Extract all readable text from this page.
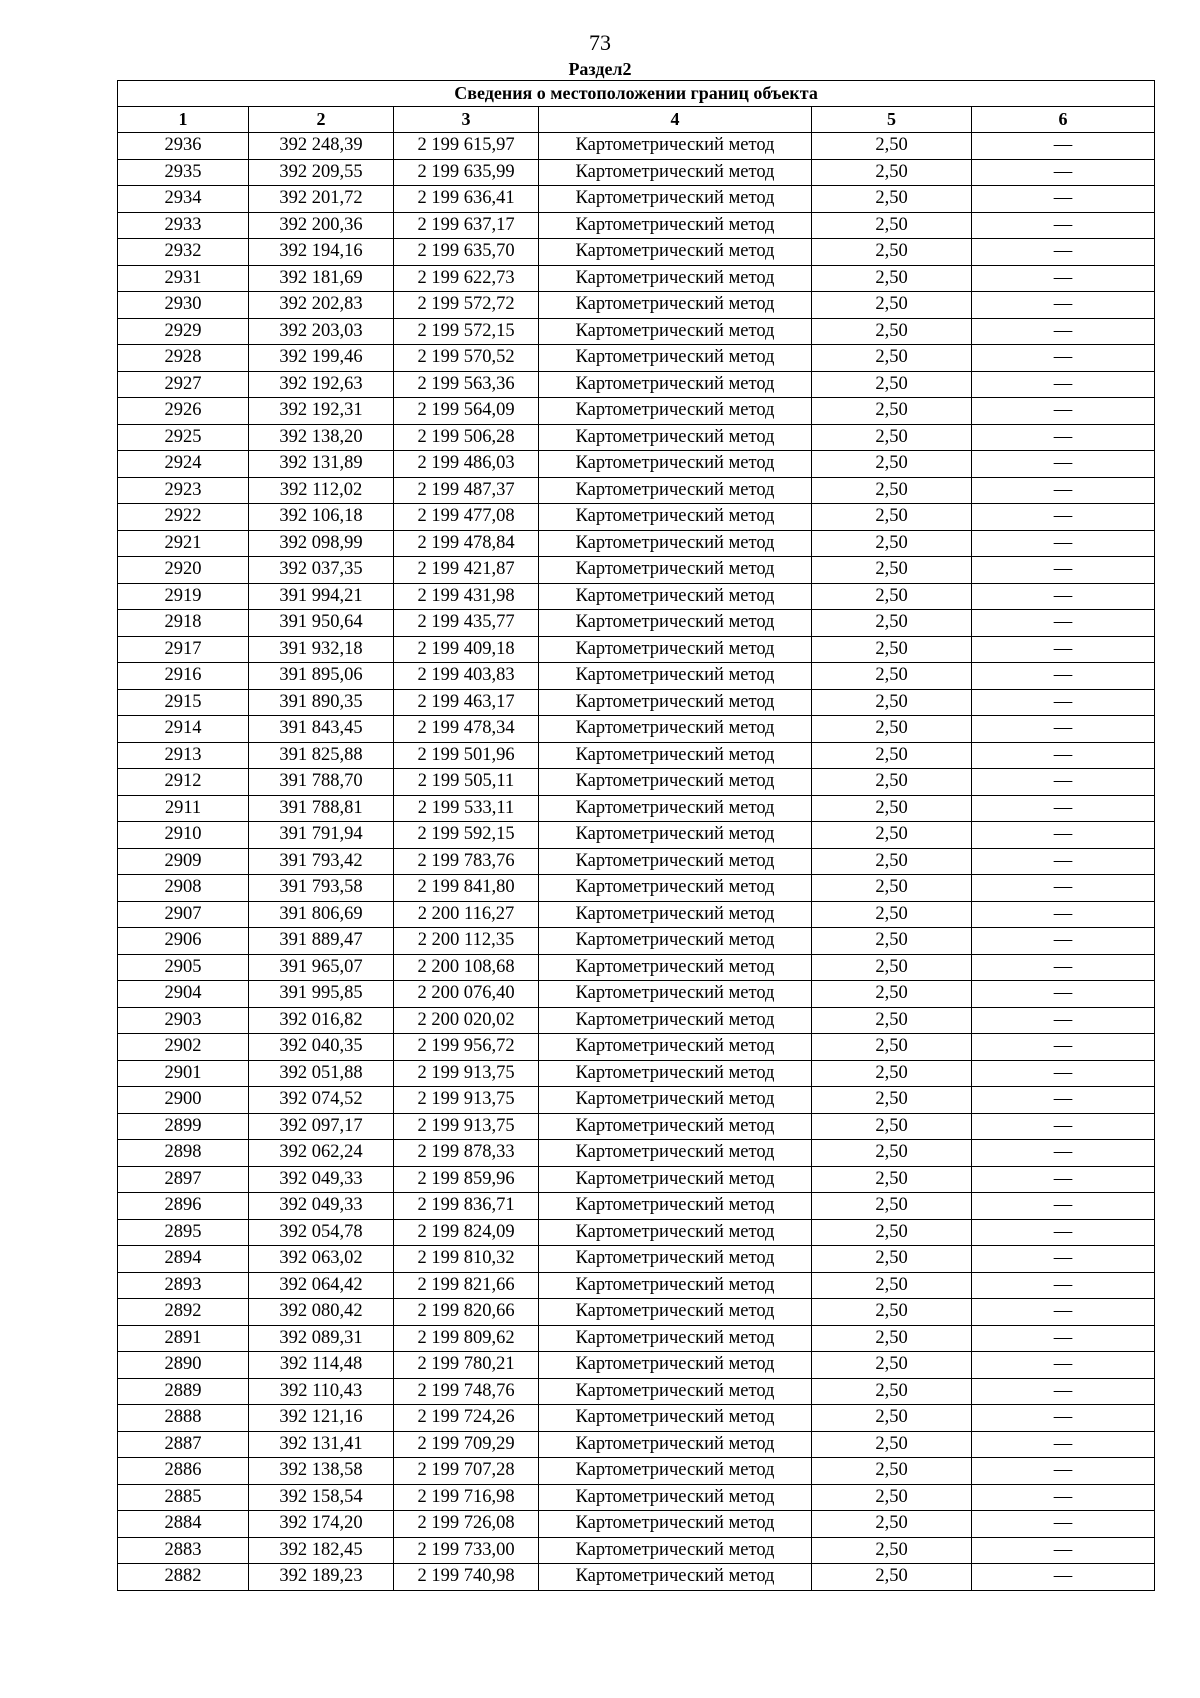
73
Раздел2
Сведения о местоположении границ объекта					
1	2	3	4	5	6
2936	392 248,39	2 199 615,97	Картометрический метод	2,50	—
2935	392 209,55	2 199 635,99	Картометрический метод	2,50	—
2934	392 201,72	2 199 636,41	Картометрический метод	2,50	—
2933	392 200,36	2 199 637,17	Картометрический метод	2,50	—
2932	392 194,16	2 199 635,70	Картометрический метод	2,50	—
2931	392 181,69	2 199 622,73	Картометрический метод	2,50	—
2930	392 202,83	2 199 572,72	Картометрический метод	2,50	—
2929	392 203,03	2 199 572,15	Картометрический метод	2,50	—
2928	392 199,46	2 199 570,52	Картометрический метод	2,50	—
2927	392 192,63	2 199 563,36	Картометрический метод	2,50	—
2926	392 192,31	2 199 564,09	Картометрический метод	2,50	—
2925	392 138,20	2 199 506,28	Картометрический метод	2,50	—
2924	392 131,89	2 199 486,03	Картометрический метод	2,50	—
2923	392 112,02	2 199 487,37	Картометрический метод	2,50	—
2922	392 106,18	2 199 477,08	Картометрический метод	2,50	—
2921	392 098,99	2 199 478,84	Картометрический метод	2,50	—
2920	392 037,35	2 199 421,87	Картометрический метод	2,50	—
2919	391 994,21	2 199 431,98	Картометрический метод	2,50	—
2918	391 950,64	2 199 435,77	Картометрический метод	2,50	—
2917	391 932,18	2 199 409,18	Картометрический метод	2,50	—
2916	391 895,06	2 199 403,83	Картометрический метод	2,50	—
2915	391 890,35	2 199 463,17	Картометрический метод	2,50	—
2914	391 843,45	2 199 478,34	Картометрический метод	2,50	—
2913	391 825,88	2 199 501,96	Картометрический метод	2,50	—
2912	391 788,70	2 199 505,11	Картометрический метод	2,50	—
2911	391 788,81	2 199 533,11	Картометрический метод	2,50	—
2910	391 791,94	2 199 592,15	Картометрический метод	2,50	—
2909	391 793,42	2 199 783,76	Картометрический метод	2,50	—
2908	391 793,58	2 199 841,80	Картометрический метод	2,50	—
2907	391 806,69	2 200 116,27	Картометрический метод	2,50	—
2906	391 889,47	2 200 112,35	Картометрический метод	2,50	—
2905	391 965,07	2 200 108,68	Картометрический метод	2,50	—
2904	391 995,85	2 200 076,40	Картометрический метод	2,50	—
2903	392 016,82	2 200 020,02	Картометрический метод	2,50	—
2902	392 040,35	2 199 956,72	Картометрический метод	2,50	—
2901	392 051,88	2 199 913,75	Картометрический метод	2,50	—
2900	392 074,52	2 199 913,75	Картометрический метод	2,50	—
2899	392 097,17	2 199 913,75	Картометрический метод	2,50	—
2898	392 062,24	2 199 878,33	Картометрический метод	2,50	—
2897	392 049,33	2 199 859,96	Картометрический метод	2,50	—
2896	392 049,33	2 199 836,71	Картометрический метод	2,50	—
2895	392 054,78	2 199 824,09	Картометрический метод	2,50	—
2894	392 063,02	2 199 810,32	Картометрический метод	2,50	—
2893	392 064,42	2 199 821,66	Картометрический метод	2,50	—
2892	392 080,42	2 199 820,66	Картометрический метод	2,50	—
2891	392 089,31	2 199 809,62	Картометрический метод	2,50	—
2890	392 114,48	2 199 780,21	Картометрический метод	2,50	—
2889	392 110,43	2 199 748,76	Картометрический метод	2,50	—
2888	392 121,16	2 199 724,26	Картометрический метод	2,50	—
2887	392 131,41	2 199 709,29	Картометрический метод	2,50	—
2886	392 138,58	2 199 707,28	Картометрический метод	2,50	—
2885	392 158,54	2 199 716,98	Картометрический метод	2,50	—
2884	392 174,20	2 199 726,08	Картометрический метод	2,50	—
2883	392 182,45	2 199 733,00	Картометрический метод	2,50	—
2882	392 189,23	2 199 740,98	Картометрический метод	2,50	—
